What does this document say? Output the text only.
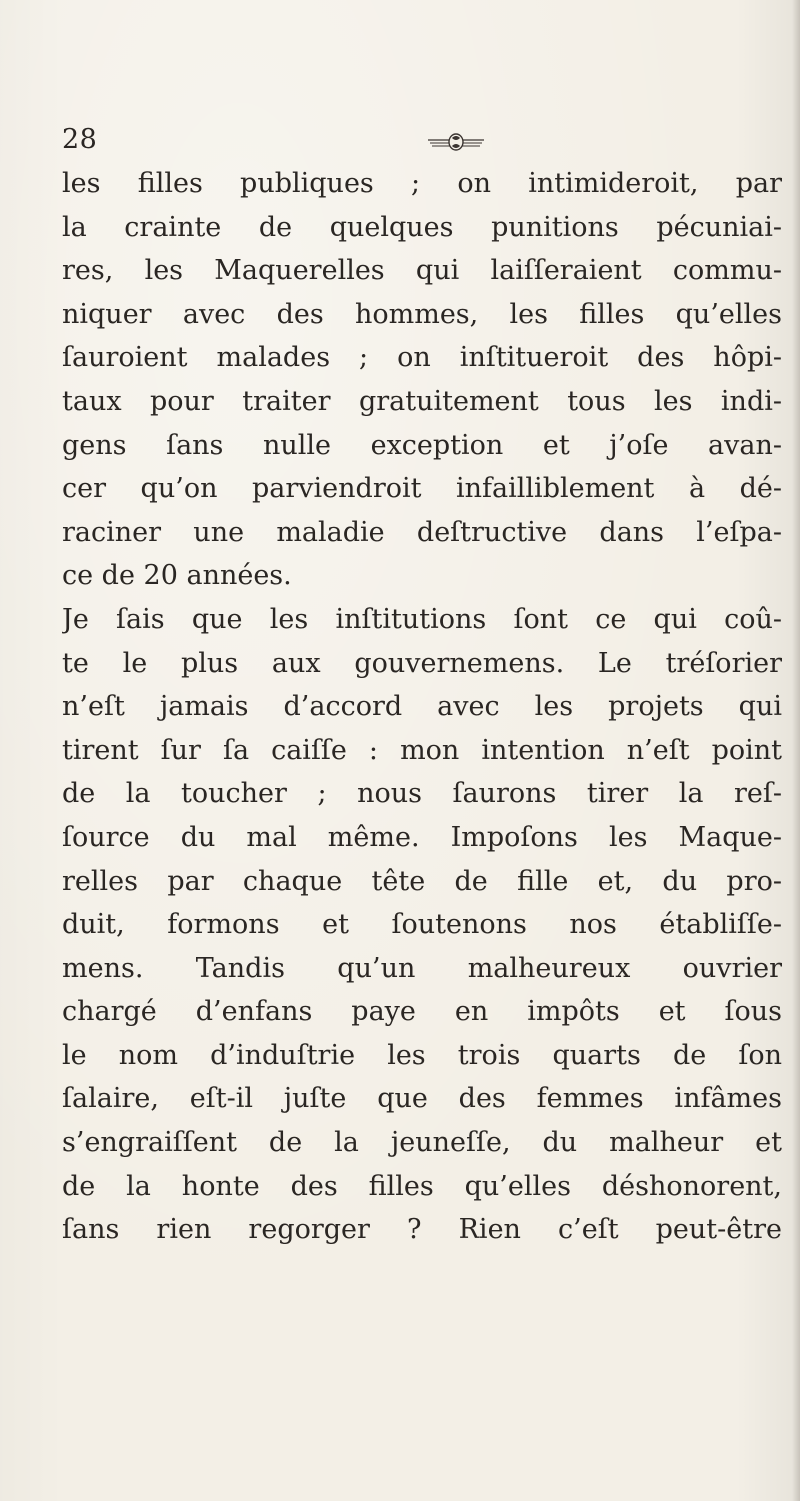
28
les filles publiques ; on intimideroit, par
la crainte de quelques punitions pécuniai-
res, les Maquerelles qui laiſſeraient commu-
niquer avec des hommes, les filles qu’elles
ſauroient malades ; on inſtitueroit des hôpi-
taux pour traiter gratuitement tous les indi-
gens ſans nulle exception et j’oſe avan-
cer qu’on parviendroit infailliblement à dé-
raciner une maladie deſtructive dans l’eſpa-
ce de 20 années.
Je ſais que les inſtitutions ſont ce qui coû-
te le plus aux gouvernemens. Le tréſorier
n’eſt jamais d’accord avec les projets qui
tirent ſur ſa caiſſe : mon intention n’eſt point
de la toucher ; nous ſaurons tirer la reſ-
ſource du mal même. Impoſons les Maque-
relles par chaque tête de fille et, du pro-
duit, formons et ſoutenons nos établiſſe-
mens. Tandis qu’un malheureux ouvrier
chargé d’enfans paye en impôts et ſous
le nom d’induſtrie les trois quarts de ſon
ſalaire, eſt-il juſte que des femmes infâmes
s’engraiſſent de la jeuneſſe, du malheur et
de la honte des filles qu’elles déshonorent,
ſans rien regorger ? Rien c’eſt peut-être
